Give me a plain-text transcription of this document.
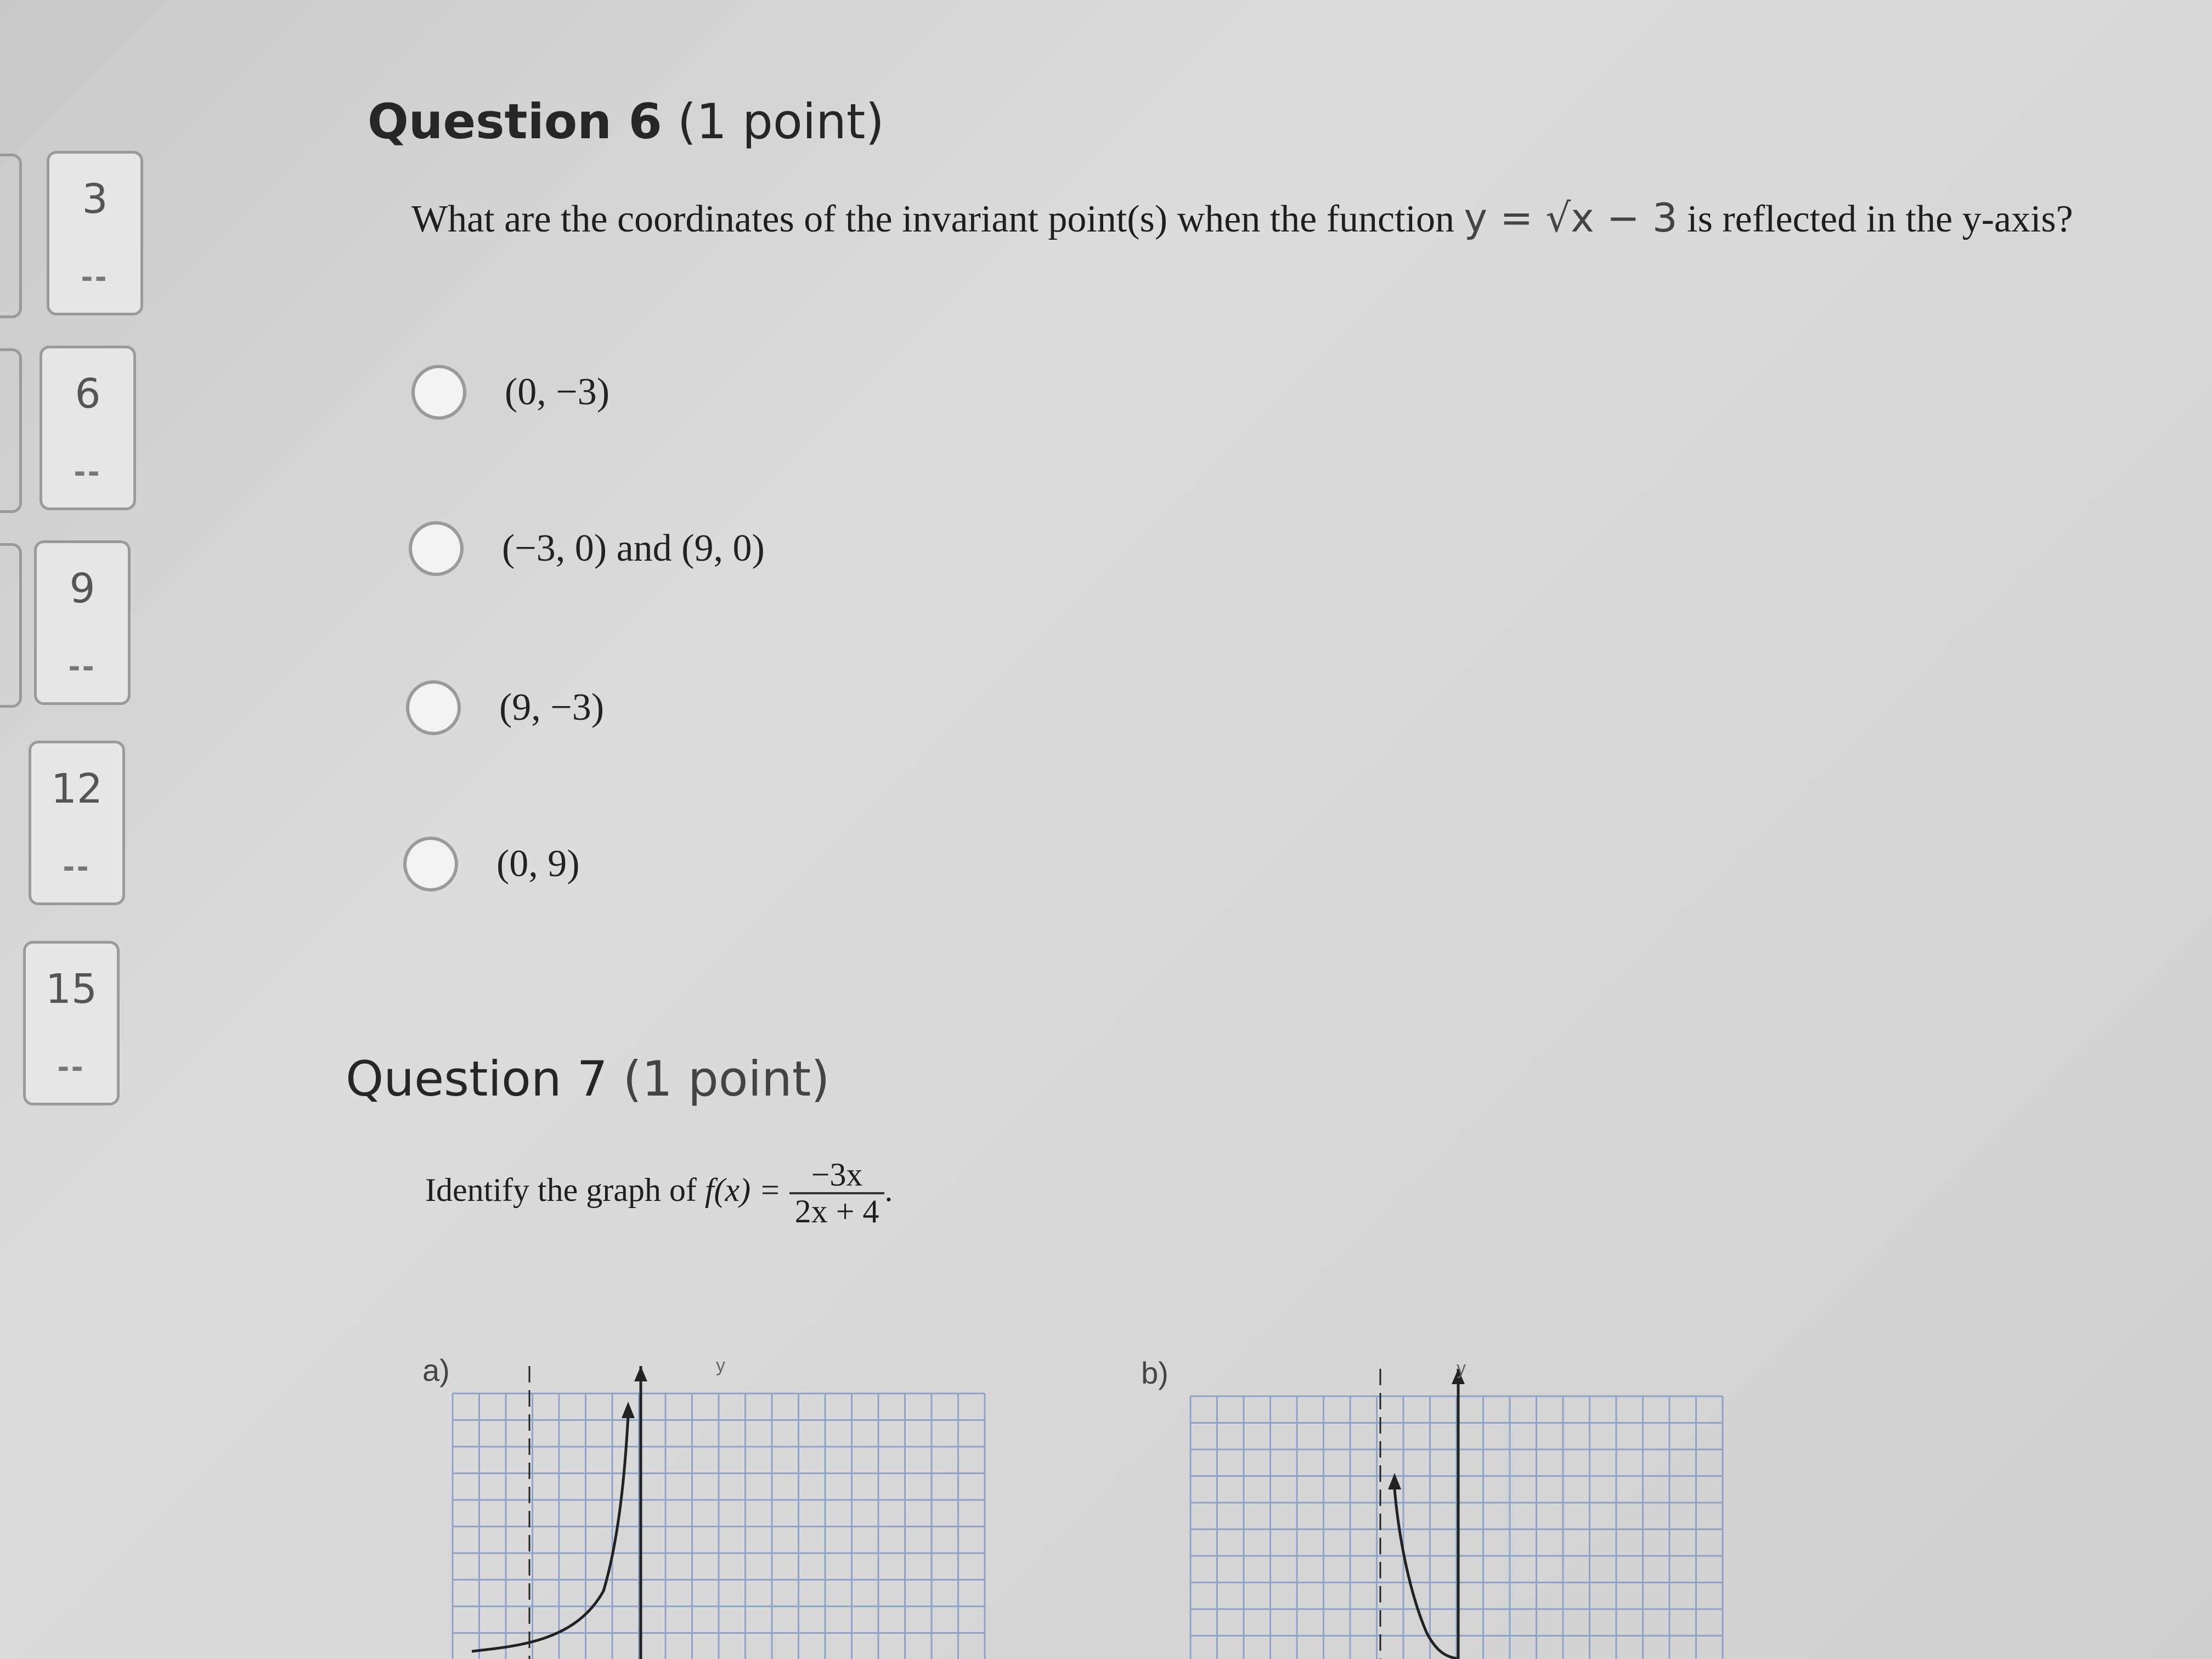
3
--
6
--
9
--
12
--
15
--
Question 6 (1 point)
What are the coordinates of the invariant point(s) when the function y = √x − 3 is reflected in the y-axis?
(0, −3)
(−3, 0) and (9, 0)
(9, −3)
(0, 9)
Question 7 (1 point)
Identify the graph of $f(x) = \frac{-3x}{2x + 4}$ .
a)	y	b)	y
